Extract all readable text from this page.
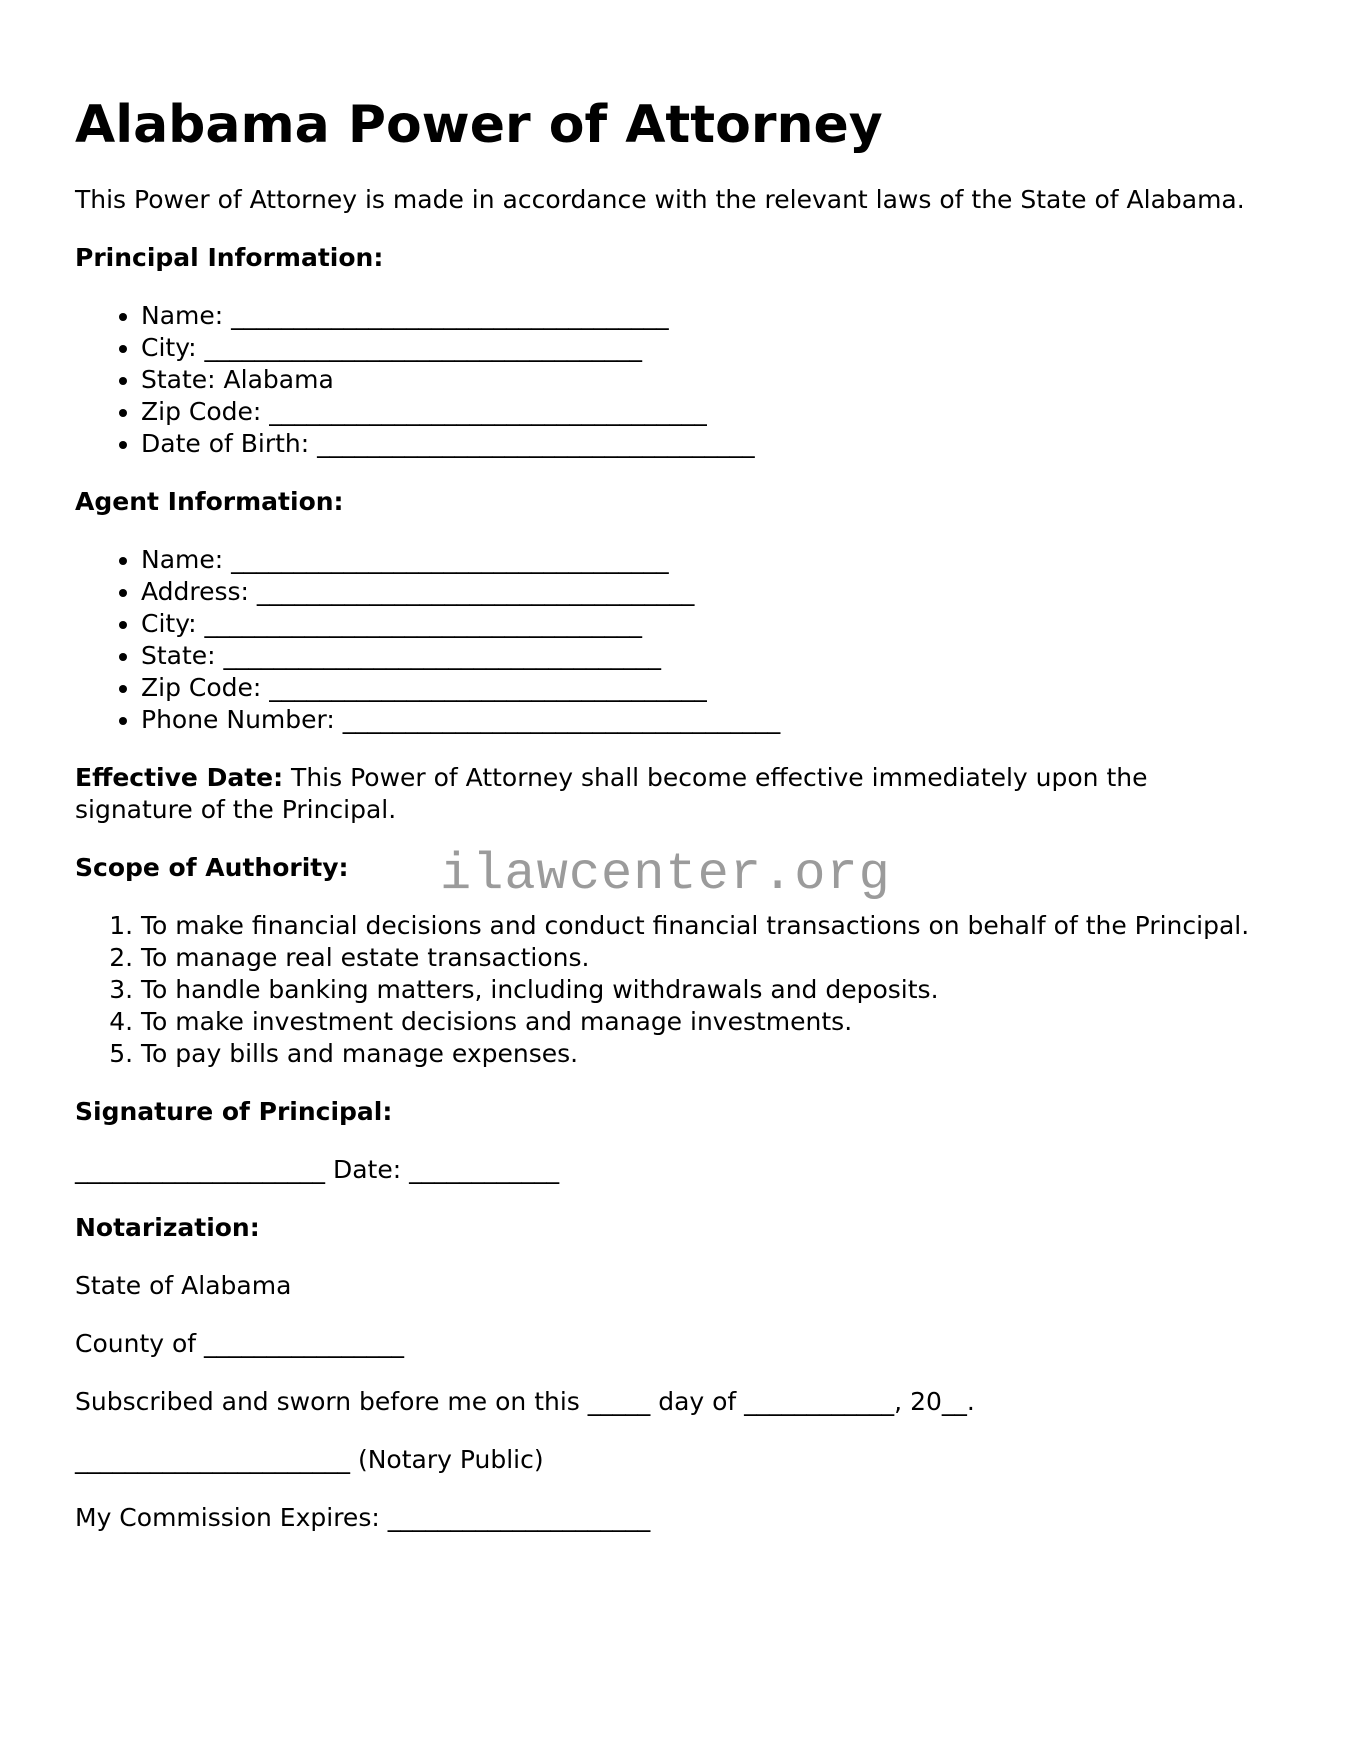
Alabama Power of Attorney

This Power of Attorney is made in accordance with the relevant laws of the State of Alabama.

Principal Information:
• Name: ___________________________________
• City: ___________________________________
• State: Alabama
• Zip Code: ___________________________________
• Date of Birth: ___________________________________
Agent Information:
• Name: ___________________________________
• Address: ___________________________________
• City: ___________________________________
• State: ___________________________________
• Zip Code: ___________________________________
• Phone Number: ___________________________________

Effective Date: This Power of Attorney shall become effective immediately upon the signature of the Principal.

Scope of Authority:
1. To make financial decisions and conduct financial transactions on behalf of the Principal.
2. To manage real estate transactions.
3. To handle banking matters, including withdrawals and deposits.
4. To make investment decisions and manage investments.
5. To pay bills and manage expenses.
Signature of Principal:

____________________ Date: ____________

Notarization:

State of Alabama

County of ________________

Subscribed and sworn before me on this _____ day of ____________, 20__.

______________________ (Notary Public)

My Commission Expires: _____________________

ilawcenter.org
